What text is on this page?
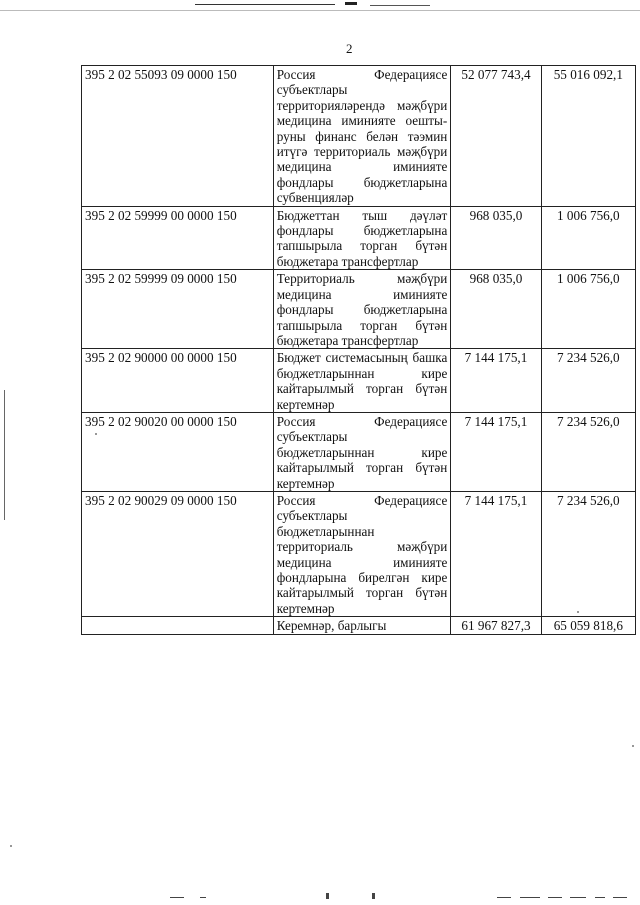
2
395 2 02 55093 09 0000 150	Россия Федерациясе субъектлары территорияләрендә мәҗбүри медицина иминияте оештыруны финанс белән тәэмин итүгә территориаль мәҗбүри медицина иминияте фондлары бюджетларына субвенцияләр	52 077 743,4	55 016 092,1
395 2 02 59999 00 0000 150	Бюджеттан тыш дәүләт фондлары бюджетларына тапшырыла торган бүтән бюджетара трансфертлар	968 035,0	1 006 756,0
395 2 02 59999 09 0000 150	Территориаль мәҗбүри медицина иминияте фондлары бюджетларына тапшырыла торган бүтән бюджетара трансфертлар	968 035,0	1 006 756,0
395 2 02 90000 00 0000 150	Бюджет системасының башка бюджетларыннан кире кайтарылмый торган бүтән кертемнәр	7 144 175,1	7 234 526,0
395 2 02 90020 00 0000 150	Россия Федерациясе субъектлары бюджетларыннан кире кайтарылмый торган бүтән кертемнәр	7 144 175,1	7 234 526,0
395 2 02 90029 09 0000 150	Россия Федерациясе субъектлары бюджетларыннан территориаль мәҗбүри медицина иминияте фондларына бирелгән кире кайтарылмый торган бүтән кертемнәр	7 144 175,1	7 234 526,0
	Керемнәр, барлыгы	61 967 827,3	65 059 818,6
